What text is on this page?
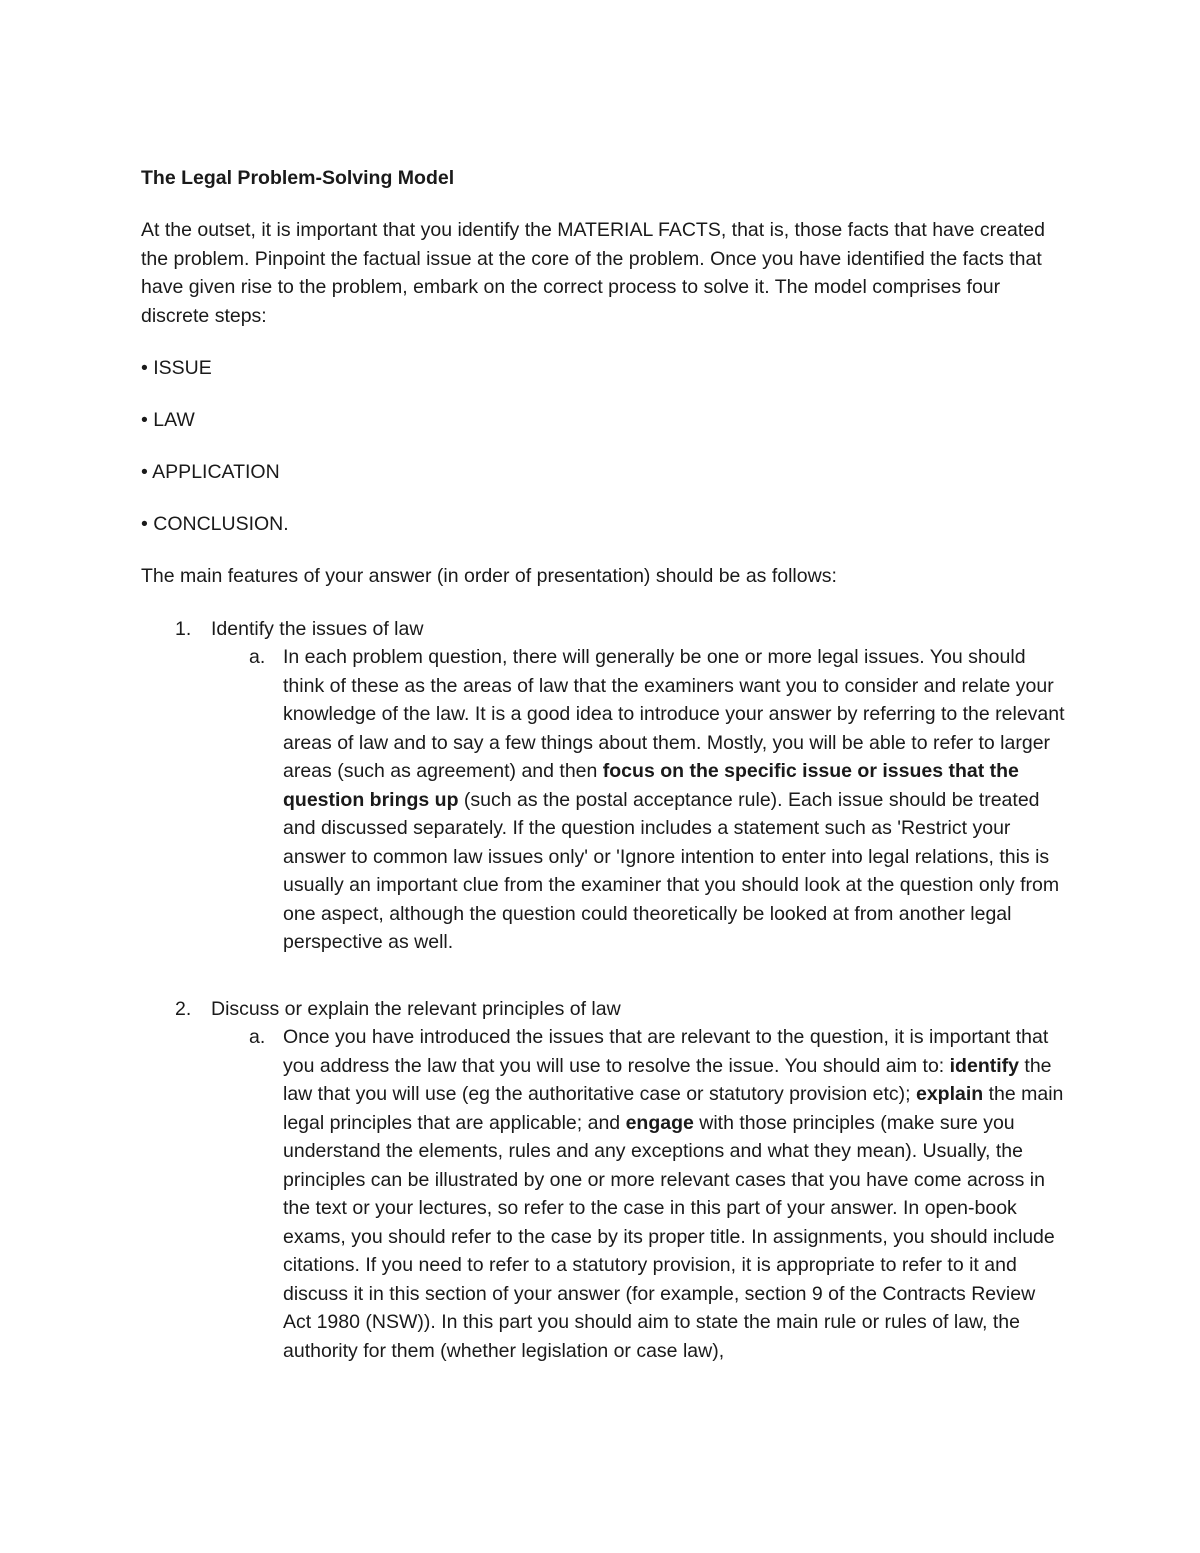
The Legal Problem-Solving Model
At the outset, it is important that you identify the MATERIAL FACTS, that is, those facts that have created the problem. Pinpoint the factual issue at the core of the problem. Once you have identified the facts that have given rise to the problem, embark on the correct process to solve it. The model comprises four discrete steps:
• ISSUE
• LAW
• APPLICATION
• CONCLUSION.
The main features of your answer (in order of presentation) should be as follows:
1. Identify the issues of law
a. In each problem question, there will generally be one or more legal issues. You should think of these as the areas of law that the examiners want you to consider and relate your knowledge of the law. It is a good idea to introduce your answer by referring to the relevant areas of law and to say a few things about them. Mostly, you will be able to refer to larger areas (such as agreement) and then focus on the specific issue or issues that the question brings up (such as the postal acceptance rule). Each issue should be treated and discussed separately. If the question includes a statement such as 'Restrict your answer to common law issues only' or 'Ignore intention to enter into legal relations, this is usually an important clue from the examiner that you should look at the question only from one aspect, although the question could theoretically be looked at from another legal perspective as well.
2. Discuss or explain the relevant principles of law
a. Once you have introduced the issues that are relevant to the question, it is important that you address the law that you will use to resolve the issue. You should aim to: identify the law that you will use (eg the authoritative case or statutory provision etc); explain the main legal principles that are applicable; and engage with those principles (make sure you understand the elements, rules and any exceptions and what they mean). Usually, the principles can be illustrated by one or more relevant cases that you have come across in the text or your lectures, so refer to the case in this part of your answer. In open-book exams, you should refer to the case by its proper title. In assignments, you should include citations. If you need to refer to a statutory provision, it is appropriate to refer to it and discuss it in this section of your answer (for example, section 9 of the Contracts Review Act 1980 (NSW)). In this part you should aim to state the main rule or rules of law, the authority for them (whether legislation or case law),
